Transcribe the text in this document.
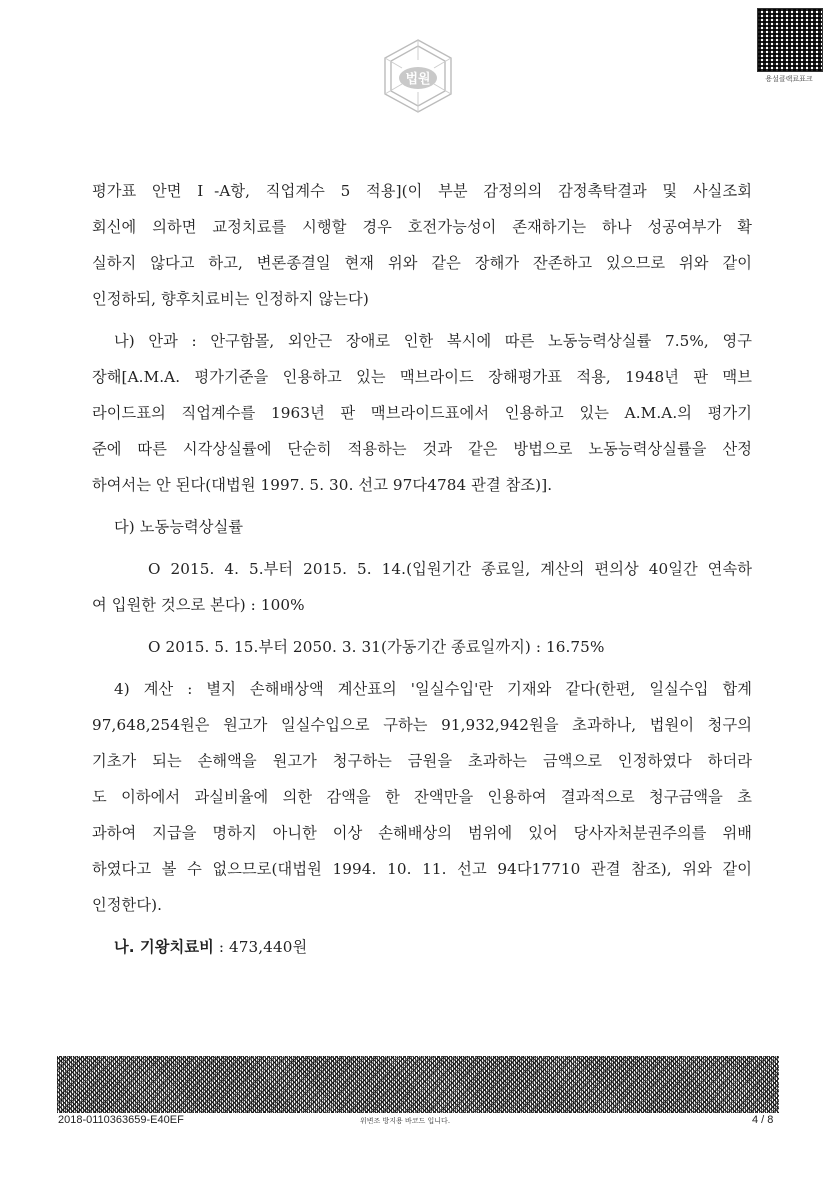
법원	용설클랙료표크
평가표 안면 Ⅰ-A항, 직업계수 5 적용](이 부분 감정의의 감정촉탁결과 및 사실조회
회신에 의하면 교정치료를 시행할 경우 호전가능성이 존재하기는 하나 성공여부가 확
실하지 않다고 하고, 변론종결일 현재 위와 같은 장해가 잔존하고 있으므로 위와 같이
인정하되, 향후치료비는 인정하지 않는다)
나) 안과 : 안구함몰, 외안근 장애로 인한 복시에 따른 노동능력상실률 7.5%, 영구
장해[A.M.A. 평가기준을 인용하고 있는 맥브라이드 장해평가표 적용, 1948년 판 맥브
라이드표의 직업계수를 1963년 판 맥브라이드표에서 인용하고 있는 A.M.A.의 평가기
준에 따른 시각상실률에 단순히 적용하는 것과 같은 방법으로 노동능력상실률을 산정
하여서는 안 된다(대법원 1997. 5. 30. 선고 97다4784 관결 참조)].
다) 노동능력상실률
O 2015. 4. 5.부터 2015. 5. 14.(입원기간 종료일, 계산의 편의상 40일간 연속하
여 입원한 것으로 본다) : 100%
O 2015. 5. 15.부터 2050. 3. 31(가동기간 종료일까지) : 16.75%
4) 계산 : 별지 손해배상액 계산표의 '일실수입'란 기재와 같다(한편, 일실수입 합계
97,648,254원은 원고가 일실수입으로 구하는 91,932,942원을 초과하나, 법원이 청구의
기초가 되는 손해액을 원고가 청구하는 금원을 초과하는 금액으로 인정하였다 하더라
도 이하에서 과실비율에 의한 감액을 한 잔액만을 인용하여 결과적으로 청구금액을 초
과하여 지급을 명하지 아니한 이상 손해배상의 범위에 있어 당사자처분권주의를 위배
하였다고 볼 수 없으므로(대법원 1994. 10. 11. 선고 94다17710 관결 참조), 위와 같이
인정한다).
나. 기왕치료비 : 473,440원
2018-0110363659-E40EF	위변조 방지용 바코드 입니다.	4 / 8
